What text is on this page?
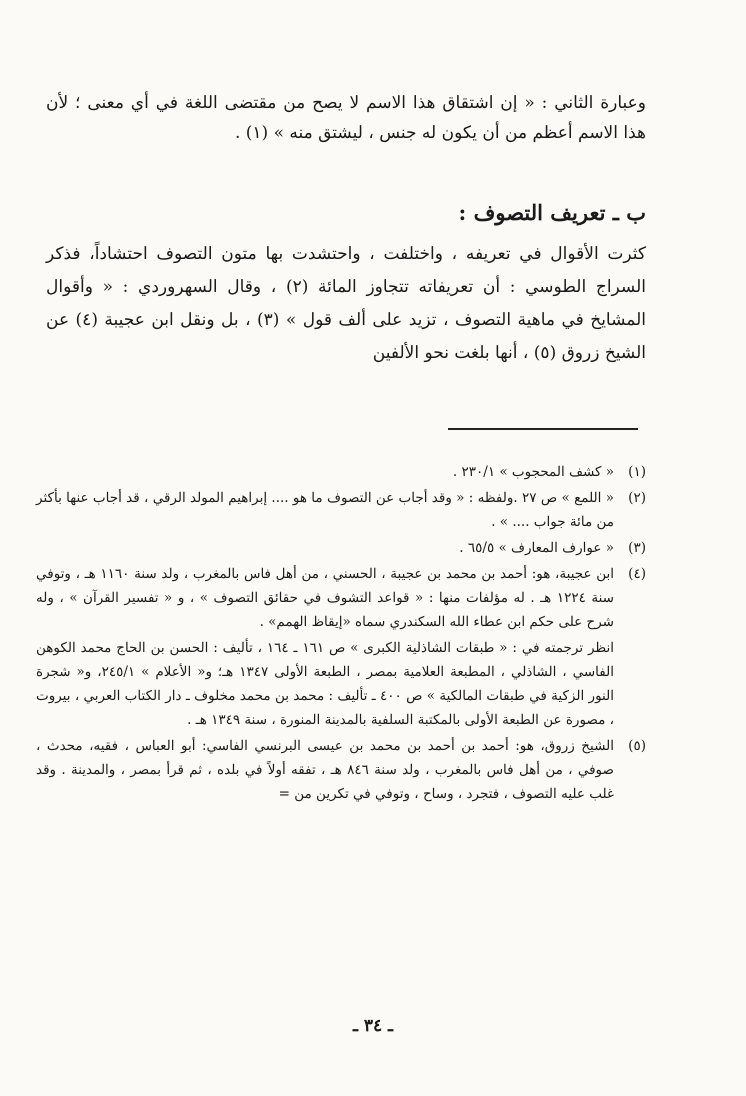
وعبارة الثاني : « إن اشتقاق هذا الاسم لا يصح من مقتضى اللغة في أي معنى ؛ لأن هذا الاسم أعظم من أن يكون له جنس ، ليشتق منه » (١) .

ب ـ تعريف التصوف :

كثرت الأقوال في تعريفه ، واختلفت ، واحتشدت بها متون التصوف احتشاداً، فذكر السراج الطوسي : أن تعريفاته تتجاوز المائة (٢) ، وقال السهروردي : « وأقوال المشايخ في ماهية التصوف ، تزيد على ألف قول » (٣) ، بل ونقل ابن عجيبة (٤) عن الشيخ زروق (٥) ، أنها بلغت نحو الألفين

(١)
« كشف المحجوب » ٢٣٠/١ .
(٢)
« اللمع » ص ٢٧ .ولفظه : « وقد أجاب عن التصوف ما هو .... إبراهيم المولد الرقي ، قد أجاب عنها بأكثر من مائة جواب .... » .
(٣)
« عوارف المعارف » ٦٥/٥ .
(٤)
ابن عجيبة، هو: أحمد بن محمد بن عجيبة ، الحسني ، من أهل فاس بالمغرب ، ولد سنة ١١٦٠ هـ ، وتوفي سنة ١٢٢٤ هـ . له مؤلفات منها : « قواعد التشوف في حقائق التصوف » ، و « تفسير القرآن » ، وله شرح على حكم ابن عطاء الله السكندري سماه «إيقاظ الهمم» .
انظر ترجمته في : « طبقات الشاذلية الكبرى » ص ١٦١ ـ ١٦٤ ، تأليف : الحسن بن الحاج محمد الكوهن الفاسي ، الشاذلي ، المطبعة العلامية بمصر ، الطبعة الأولى ١٣٤٧ هـ؛ و« الأعلام » ٢٤٥/١، و« شجرة النور الزكية في طبقات المالكية » ص ٤٠٠ ـ تأليف : محمد بن محمد مخلوف ـ دار الكتاب العربي ، بيروت ، مصورة عن الطبعة الأولى بالمكتبة السلفية بالمدينة المنورة ، سنة ١٣٤٩ هـ .
(٥)
الشيخ زروق، هو: أحمد بن أحمد بن محمد بن عيسى البرنسي الفاسي: أبو العباس ، فقيه، محدث ، صوفي ، من أهل فاس بالمغرب ، ولد سنة ٨٤٦ هـ ، تفقه أولاً في بلده ، ثم قرأ بمصر ، والمدينة . وقد غلب عليه التصوف ، فتجرد ، وساح ، وتوفي في تكرين من =
ـ ٣٤ ـ
